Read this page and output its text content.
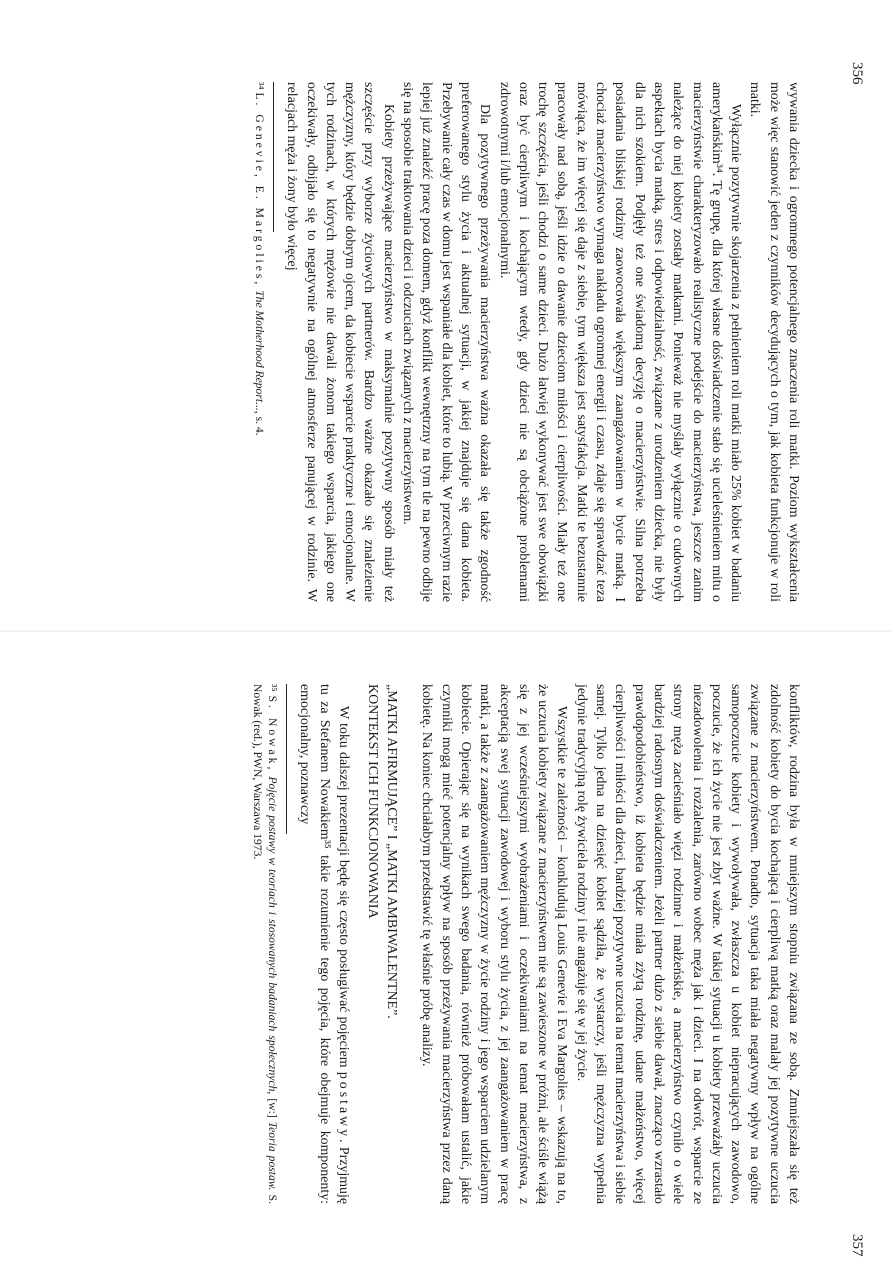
wywania dziecka i ogromnego potencjalnego znaczenia roli matki. Poziom wykształcenia może więc stanowić jeden z czynników decydujących o tym, jak kobieta funkcjonuje w roli matki.

Wyłącznie pozytywnie skojarzenia z pełnieniem roli matki miało 25% kobiet w badaniu amerykańskim³⁴. Tę grupę, dla której własne doświadczenie stało się ucieleśnieniem mitu o macierzyństwie charakteryzowało realistyczne podejście do macierzyństwa, jeszcze zanim należące do niej kobiety zostały matkami. Ponieważ nie myślały wyłącznie o cudownych aspektach bycia matką, stres i odpowiedzialność, związane z urodzeniem dziecka, nie były dla nich szokiem. Podjęły też one świadomą decyzję o macierzyństwie. Silna potrzeba posiadania bliskiej rodziny zaowocowała większym zaangażowaniem w bycie matką. I chociaż macierzyństwo wymaga nakładu ogromnej energii i czasu, zdaje się sprawdzać teza mówiąca, że im więcej się daje z siebie, tym większa jest satysfakcja. Matki te bezustannie pracowały nad sobą, jeśli idzie o dawanie dzieciom miłości i cierpliwości. Miały też one trochę szczęścia, jeśli chodzi o same dzieci. Dużo łatwiej wykonywać jest swe obowiązki oraz być cierpliwym i kochającym wtedy, gdy dzieci nie są obciążone problemami zdrowotnymi i/lub emocjonalnymi.

Dla pozytywnego przeżywania macierzyństwa ważna okazała się także zgodność preferowanego stylu życia i aktualnej sytuacji, w jakiej znajduje się dana kobieta. Przebywanie cały czas w domu jest wspaniałe dla kobiet, które to lubią. W przeciwnym razie lepiej już znaleźć pracę poza domem, gdyż konflikt wewnętrzny na tym tle na pewno odbije się na sposobie traktowania dzieci i odczuciach związanych z macierzyństwem.

Kobiety przeżywające macierzyństwo w maksymalnie pozytywny sposób miały też szczęście przy wyborze życiowych partnerów. Bardzo ważne okazało się znalezienie mężczyzny, który będzie dobrym ojcem, da kobiecie wsparcie praktyczne i emocjonalne. W tych rodzinach, w których mężowie nie dawali żonom takiego wsparcia, jakiego one oczekiwały, odbijało się to negatywnie na ogólnej atmosferze panującej w rodzinie. W relacjach męża i żony było więcej

³⁴ L. Genevie, E. Margolies, The Motherhood Report..., s. 4.

356

konfliktów, rodzina była w mniejszym stopniu związana ze sobą. Zmniejszała się też zdolność kobiety do bycia kochającą i cierpliwą matką oraz malały jej pozytywne uczucia związane z macierzyństwem. Ponadto, sytuacja taka miała negatywny wpływ na ogólne samopoczucie kobiety i wywoływała, zwłaszcza u kobiet niepracujących zawodowo, poczucie, że ich życie nie jest zbyt ważne. W takiej sytuacji u kobiety przeważały uczucia niezadowolenia i rozżalenia, zarówno wobec męża jak i dzieci. I na odwrót, wsparcie ze strony męża zacieśniało więzi rodzinne i małżeńskie, a macierzyństwo czyniło o wiele bardziej radosnym doświadczeniem. Jeżeli partner dużo z siebie dawał, znacząco wzrastało prawdopodobieństwo, iż kobieta będzie miała zżytą rodzinę, udane małżeństwo, więcej cierpliwości i miłości dla dzieci, bardziej pozytywne uczucia na temat macierzyństwa i siebie samej. Tylko jedna na dziesięć kobiet sądziła, że wystarczy, jeśli mężczyzna wypełnia jedynie tradycyjną rolę żywiciela rodziny i nie angażuje się w jej życie.

Wszystkie te zależności – konkludują Louis Genevie i Eva Margolies – wskazują na to, że uczucia kobiety związane z macierzyństwem nie są zawieszone w próżni, ale ściśle wiążą się z jej wcześniejszymi wyobrażeniami i oczekiwaniami na temat macierzyństwa, z akceptacją swej sytuacji zawodowej i wyboru stylu życia, z jej zaangażowaniem w pracę matki, a także z zaangażowaniem mężczyzny w życie rodziny i jego wsparciem udzielanym kobiecie. Opierając się na wynikach swego badania, również próbowałam ustalić, jakie czynniki mogą mieć potencjalny wpływ na sposób przeżywania macierzyństwa przez daną kobietę. Na koniec chciałabym przedstawić tę właśnie próbę analizy.

„MATKI AFIRMUJĄCE” I „MATKI AMBIWALENTNE”.
KONTEKST ICH FUNKCJONOWANIA

W toku dalszej prezentacji będę się często posługiwać pojęciem postawy. Przyjmuję tu za Stefanem Nowakiem³⁵ takie rozumienie tego pojęcia, które obejmuje komponenty: emocjonalny, poznawczy

³⁵ S. Nowak, Pojęcie postawy w teoriach i stosowanych badaniach społecznych, [w:] Teoria postaw. S. Nowak (red.), PWN, Warszawa 1973.

357
